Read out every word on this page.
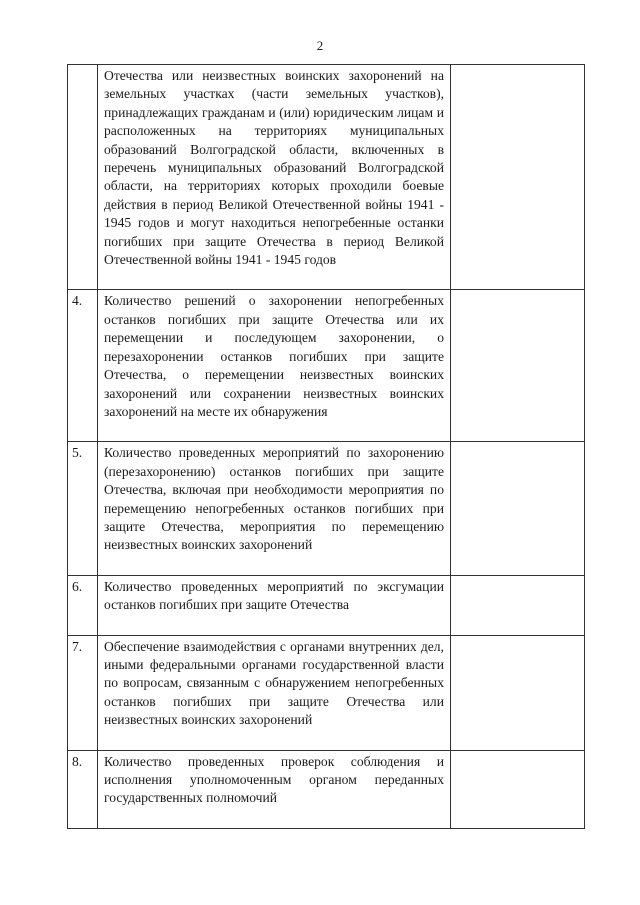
2
	Отечества или неизвестных воинских захоронений на земельных участках (части земельных участков), принадлежащих гражданам и (или) юридическим лицам и расположенных на территориях муниципальных образований Волгоградской области, включенных в перечень муниципальных образований Волгоградской области, на территориях которых проходили боевые действия в период Великой Отечественной войны 1941 - 1945 годов и могут находиться непогребенные останки погибших при защите Отечества в период Великой Отечественной войны 1941 - 1945 годов	
4.	Количество решений о захоронении непогребенных останков погибших при защите Отечества или их перемещении и последующем захоронении, о перезахоронении останков погибших при защите Отечества, о перемещении неизвестных воинских захоронений или сохранении неизвестных воинских захоронений на месте их обнаружения	
5.	Количество проведенных мероприятий по захоронению (перезахоронению) останков погибших при защите Отечества, включая при необходимости мероприятия по перемещению непогребенных останков погибших при защите Отечества, мероприятия по перемещению неизвестных воинских захоронений	
6.	Количество проведенных мероприятий по эксгумации останков погибших при защите Отечества	
7.	Обеспечение взаимодействия с органами внутренних дел, иными федеральными органами государственной власти по вопросам, связанным с обнаружением непогребенных останков погибших при защите Отечества или неизвестных воинских захоронений	
8.	Количество проведенных проверок соблюдения и исполнения уполномоченным органом переданных государственных полномочий	
